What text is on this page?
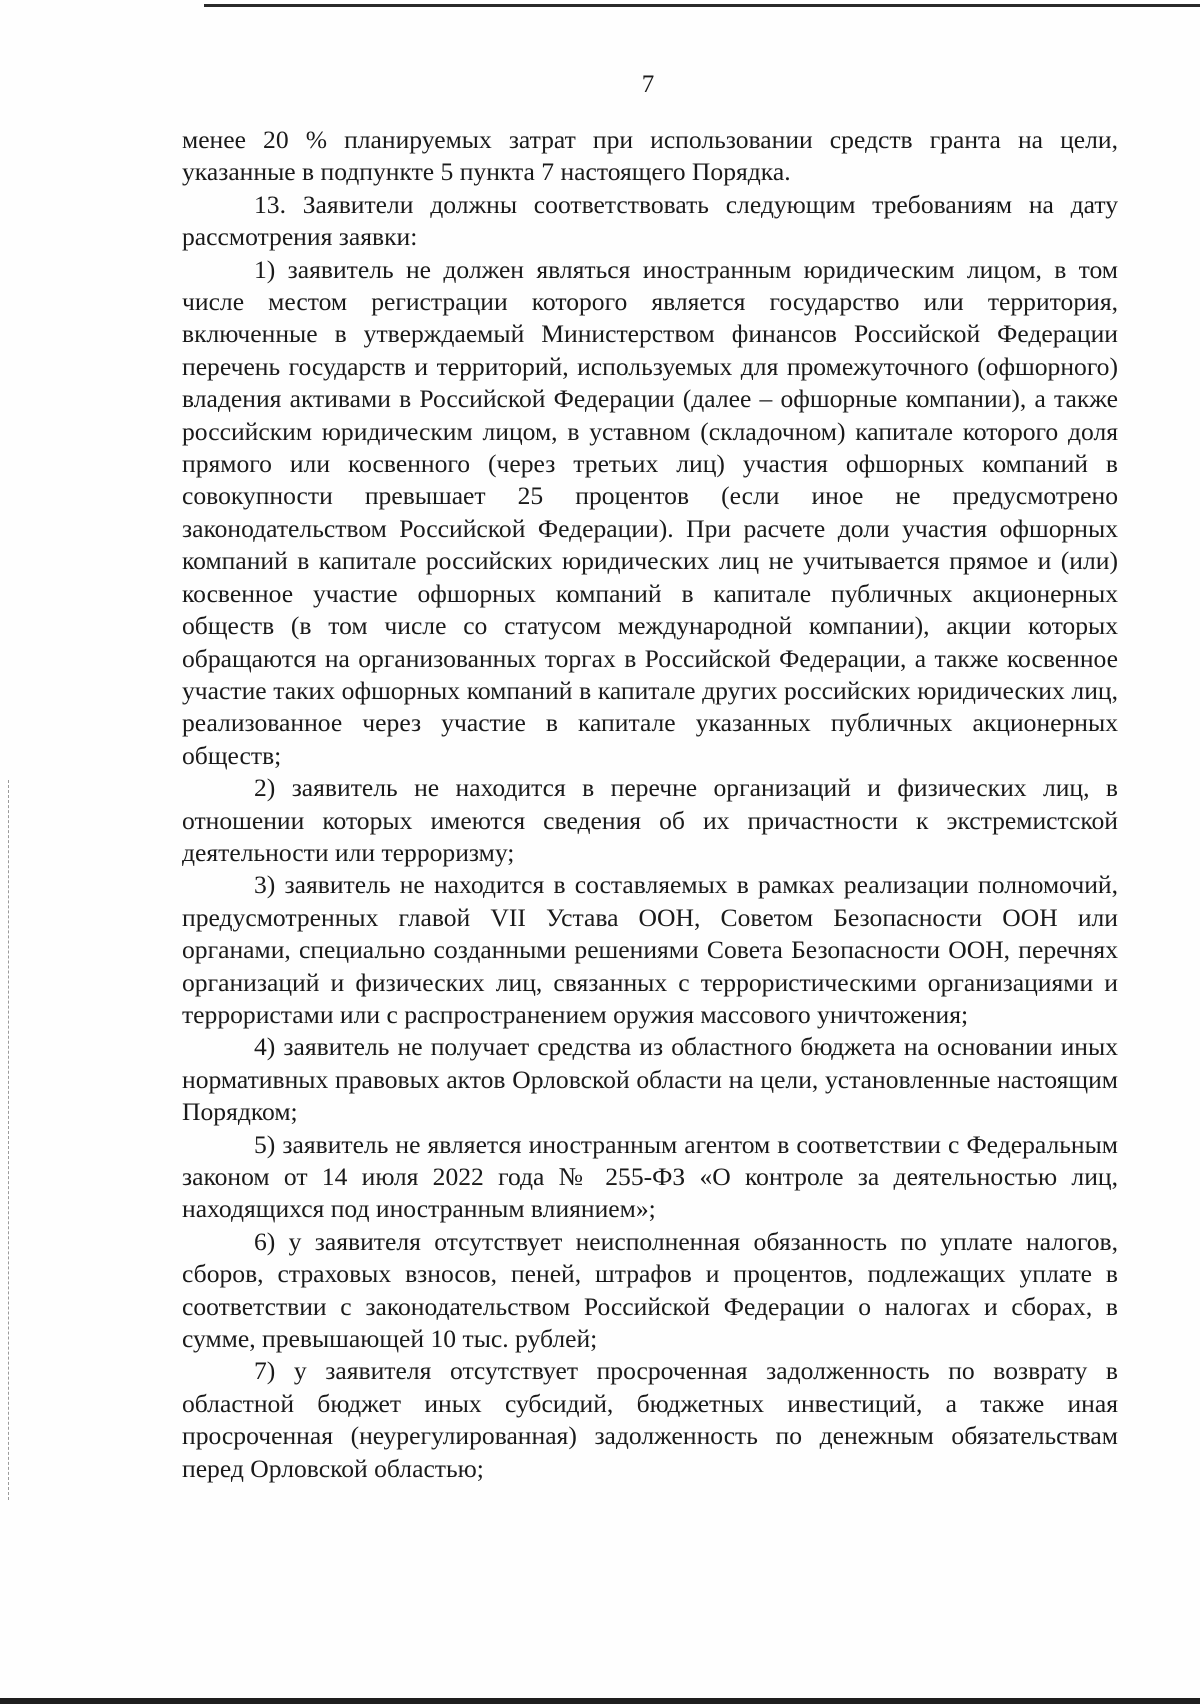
7

менее 20 % планируемых затрат при использовании средств гранта на цели, указанные в подпункте 5 пункта 7 настоящего Порядка.

13. Заявители должны соответствовать следующим требованиям на дату рассмотрения заявки:

1) заявитель не должен являться иностранным юридическим лицом, в том числе местом регистрации которого является государство или территория, включенные в утверждаемый Министерством финансов Российской Федерации перечень государств и территорий, используемых для промежуточного (офшорного) владения активами в Российской Федерации (далее – офшорные компании), а также российским юридическим лицом, в уставном (складочном) капитале которого доля прямого или косвенного (через третьих лиц) участия офшорных компаний в совокупности превышает 25 процентов (если иное не предусмотрено законодательством Российской Федерации). При расчете доли участия офшорных компаний в капитале российских юридических лиц не учитывается прямое и (или) косвенное участие офшорных компаний в капитале публичных акционерных обществ (в том числе со статусом международной компании), акции которых обращаются на организованных торгах в Российской Федерации, а также косвенное участие таких офшорных компаний в капитале других российских юридических лиц, реализованное через участие в капитале указанных публичных акционерных обществ;

2) заявитель не находится в перечне организаций и физических лиц, в отношении которых имеются сведения об их причастности к экстремистской деятельности или терроризму;

3) заявитель не находится в составляемых в рамках реализации полномочий, предусмотренных главой VII Устава ООН, Советом Безопасности ООН или органами, специально созданными решениями Совета Безопасности ООН, перечнях организаций и физических лиц, связанных с террористическими организациями и террористами или с распространением оружия массового уничтожения;

4) заявитель не получает средства из областного бюджета на основании иных нормативных правовых актов Орловской области на цели, установленные настоящим Порядком;

5) заявитель не является иностранным агентом в соответствии с Федеральным законом от 14 июля 2022 года № 255-ФЗ «О контроле за деятельностью лиц, находящихся под иностранным влиянием»;

6) у заявителя отсутствует неисполненная обязанность по уплате налогов, сборов, страховых взносов, пеней, штрафов и процентов, подлежащих уплате в соответствии с законодательством Российской Федерации о налогах и сборах, в сумме, превышающей 10 тыс. рублей;

7) у заявителя отсутствует просроченная задолженность по возврату в областной бюджет иных субсидий, бюджетных инвестиций, а также иная просроченная (неурегулированная) задолженность по денежным обязательствам перед Орловской областью;
